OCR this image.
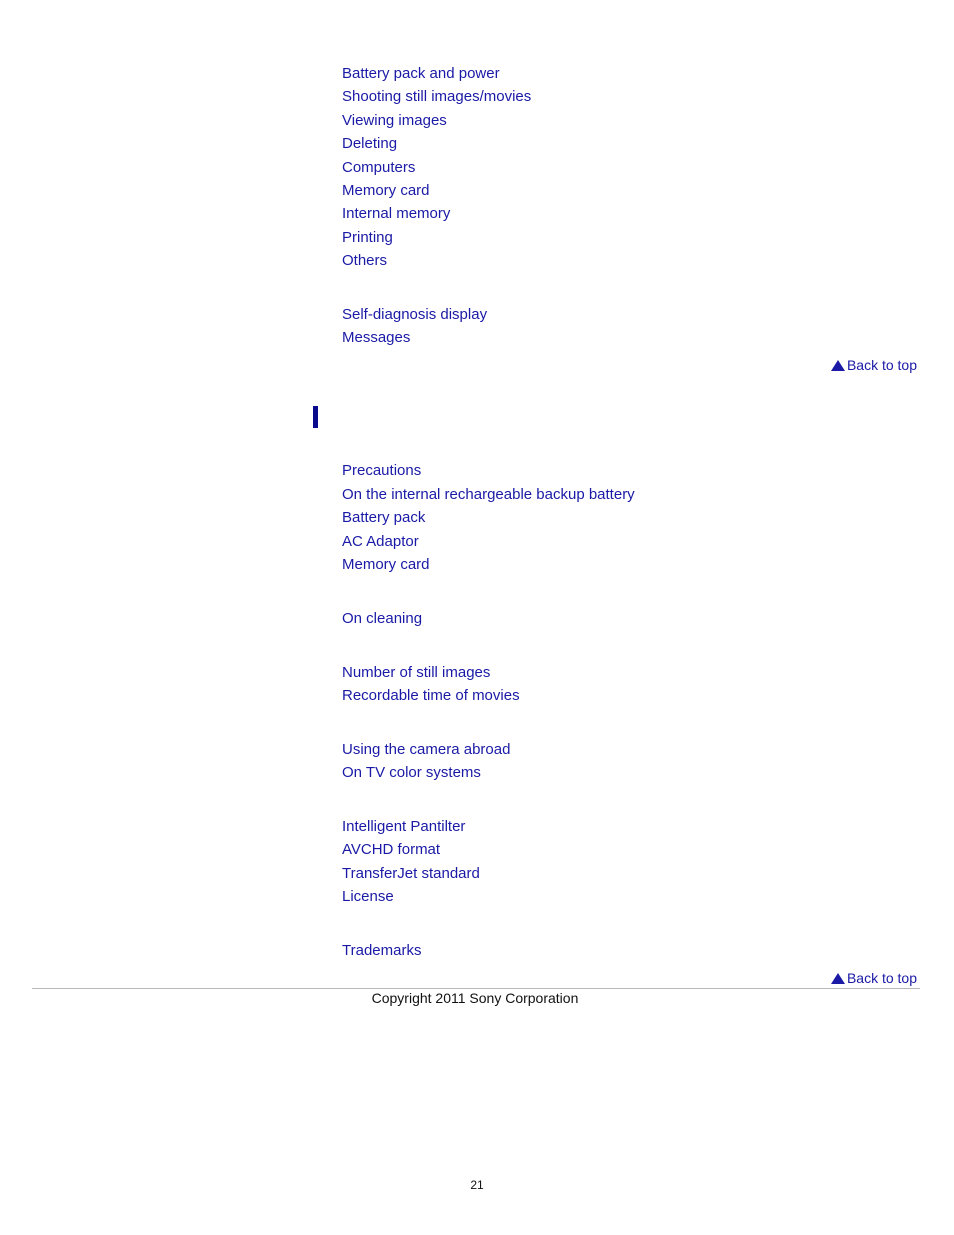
Battery pack and power
Shooting still images/movies
Viewing images
Deleting
Computers
Memory card
Internal memory
Printing
Others
Self-diagnosis display
Messages
Back to top
Precautions
On the internal rechargeable backup battery
Battery pack
AC Adaptor
Memory card
On cleaning
Number of still images
Recordable time of movies
Using the camera abroad
On TV color systems
Intelligent Pantilter
AVCHD format
TransferJet standard
License
Trademarks
Back to top
Copyright 2011 Sony Corporation
21
